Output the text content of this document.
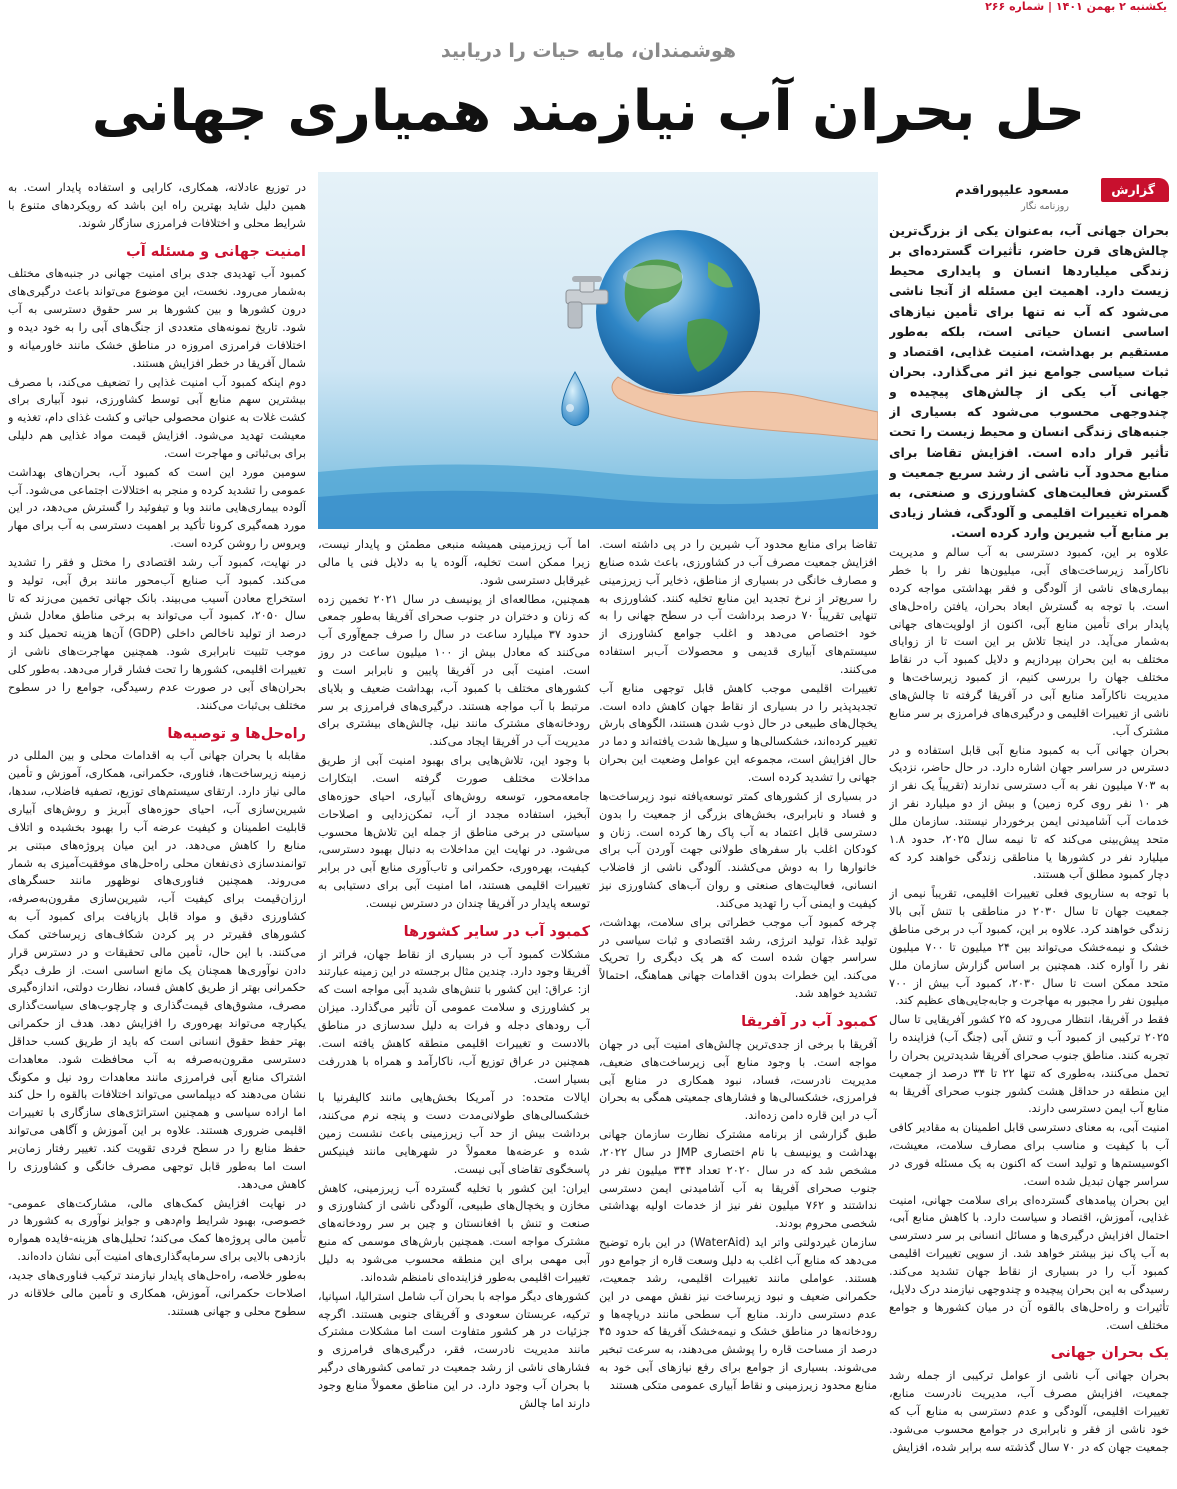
یکشنبه ۲ بهمن ۱۴۰۱ | شماره ۲۶۶
هوشمندان، مایه حیات را دریابید
حل بحران آب نیازمند همیاری جهانی
گزارش
مسعود علیپوراقدم
روزنامه نگار

بحران جهانی آب، به‌عنوان یکی از بزرگ‌ترین چالش‌های قرن حاضر، تأثیرات گسترده‌ای بر زندگی میلیاردها انسان و پایداری محیط زیست دارد. اهمیت این مسئله از آنجا ناشی می‌شود که آب نه تنها برای تأمین نیازهای اساسی انسان حیاتی است، بلکه به‌طور مستقیم بر بهداشت، امنیت غذایی، اقتصاد و ثبات سیاسی جوامع نیز اثر می‌گذارد. بحران جهانی آب یکی از چالش‌های پیچیده و چندوجهی محسوب می‌شود که بسیاری از جنبه‌های زندگی انسان و محیط زیست را تحت تأثیر قرار داده است. افزایش تقاضا برای منابع محدود آب ناشی از رشد سریع جمعیت و گسترش فعالیت‌های کشاورزی و صنعتی، به همراه تغییرات اقلیمی و آلودگی، فشار زیادی بر منابع آب شیرین وارد کرده است.

علاوه بر این، کمبود دسترسی به آب سالم و مدیریت ناکارآمد زیرساخت‌های آبی، میلیون‌ها نفر را با خطر بیماری‌های ناشی از آلودگی و فقر بهداشتی مواجه کرده است. با توجه به گسترش ابعاد بحران، یافتن راه‌حل‌های پایدار برای تأمین منابع آبی، اکنون از اولویت‌های جهانی به‌شمار می‌آید. در اینجا تلاش بر این است تا از زوایای مختلف به این بحران بپردازیم و دلایل کمبود آب در نقاط مختلف جهان را بررسی کنیم، از کمبود زیرساخت‌ها و مدیریت ناکارآمد منابع آبی در آفریقا گرفته تا چالش‌های ناشی از تغییرات اقلیمی و درگیری‌های فرامرزی بر سر منابع مشترک آب.

بحران جهانی آب به کمبود منابع آبی قابل استفاده و در دسترس در سراسر جهان اشاره دارد. در حال حاضر، نزدیک به ۷۰۳ میلیون نفر به آب دسترسی ندارند (تقریباً یک نفر از هر ۱۰ نفر روی کره زمین) و بیش از دو میلیارد نفر از خدمات آب آشامیدنی ایمن برخوردار نیستند. سازمان ملل متحد پیش‌بینی می‌کند که تا نیمه سال ۲۰۲۵، حدود ۱.۸ میلیارد نفر در کشورها یا مناطقی زندگی خواهند کرد که دچار کمبود مطلق آب هستند.

با توجه به سناریوی فعلی تغییرات اقلیمی، تقریباً نیمی از جمعیت جهان تا سال ۲۰۳۰ در مناطقی با تنش آبی بالا زندگی خواهند کرد. علاوه بر این، کمبود آب در برخی مناطق خشک و نیمه‌خشک می‌تواند بین ۲۴ میلیون تا ۷۰۰ میلیون نفر را آواره کند. همچنین بر اساس گزارش سازمان ملل متحد ممکن است تا سال ۲۰۳۰، کمبود آب بیش از ۷۰۰ میلیون نفر را مجبور به مهاجرت و جابه‌جایی‌های عظیم کند.

فقط در آفریقا، انتظار می‌رود که ۲۵ کشور آفریقایی تا سال ۲۰۲۵ ترکیبی از کمبود آب و تنش آبی (جنگ آب) فزاینده را تجربه کنند. مناطق جنوب صحرای آفریقا شدیدترین بحران را تحمل می‌کنند، به‌طوری که تنها ۲۲ تا ۳۴ درصد از جمعیت این منطقه در حداقل هشت کشور جنوب صحرای آفریقا به منابع آب ایمن دسترسی دارند.

امنیت آبی، به معنای دسترسی قابل اطمینان به مقادیر کافی آب با کیفیت و مناسب برای مصارف سلامت، معیشت، اکوسیستم‌ها و تولید است که اکنون به یک مسئله فوری در سراسر جهان تبدیل شده است.

این بحران پیامدهای گسترده‌ای برای سلامت جهانی، امنیت غذایی، آموزش، اقتصاد و سیاست دارد. با کاهش منابع آبی، احتمال افزایش درگیری‌ها و مسائل انسانی بر سر دسترسی به آب پاک نیز بیشتر خواهد شد. از سویی تغییرات اقلیمی کمبود آب را در بسیاری از نقاط جهان تشدید می‌کند. رسیدگی به این بحران پیچیده و چندوجهی نیازمند درک دلایل، تأثیرات و راه‌حل‌های بالقوه آن در میان کشورها و جوامع مختلف است.

یک بحران جهانی

بحران جهانی آب ناشی از عوامل ترکیبی از جمله رشد جمعیت، افزایش مصرف آب، مدیریت نادرست منابع، تغییرات اقلیمی، آلودگی و عدم دسترسی به منابع آب که خود ناشی از فقر و نابرابری در جوامع محسوب می‌شود. جمعیت جهان که در ۷۰ سال گذشته سه برابر شده، افزایش

تقاضا برای منابع محدود آب شیرین را در پی داشته است. افزایش جمعیت مصرف آب در کشاورزی، باعث شده صنایع و مصارف خانگی در بسیاری از مناطق، ذخایر آب زیرزمینی را سریع‌تر از نرخ تجدید این منابع تخلیه کنند. کشاورزی به تنهایی تقریباً ۷۰ درصد برداشت آب در سطح جهانی را به خود اختصاص می‌دهد و اغلب جوامع کشاورزی از سیستم‌های آبیاری قدیمی و محصولات آب‌بر استفاده می‌کنند.

تغییرات اقلیمی موجب کاهش قابل توجهی منابع آب تجدیدپذیر را در بسیاری از نقاط جهان کاهش داده است. یخچال‌های طبیعی در حال ذوب شدن هستند، الگوهای بارش تغییر کرده‌اند، خشکسالی‌ها و سیل‌ها شدت یافته‌اند و دما در حال افزایش است، مجموعه این عوامل وضعیت این بحران جهانی را تشدید کرده است.

در بسیاری از کشورهای کمتر توسعه‌یافته نبود زیرساخت‌ها و فساد و نابرابری، بخش‌های بزرگی از جمعیت را بدون دسترسی قابل اعتماد به آب پاک رها کرده است. زنان و کودکان اغلب بار سفرهای طولانی جهت آوردن آب برای خانوارها را به دوش می‌کشند. آلودگی ناشی از فاضلاب انسانی، فعالیت‌های صنعتی و روان آب‌های کشاورزی نیز کیفیت و ایمنی آب را تهدید می‌کند.

چرخه کمبود آب موجب خطراتی برای سلامت، بهداشت، تولید غذا، تولید انرژی، رشد اقتصادی و ثبات سیاسی در سراسر جهان شده است که هر یک دیگری را تحریک می‌کند. این خطرات بدون اقدامات جهانی هماهنگ، احتمالاً تشدید خواهد شد.

کمبود آب در آفریقا

آفریقا با برخی از جدی‌ترین چالش‌های امنیت آبی در جهان مواجه است. با وجود منابع آبی زیرساخت‌های ضعیف، مدیریت نادرست، فساد، نبود همکاری در منابع آبی فرامرزی، خشکسالی‌ها و فشارهای جمعیتی همگی به بحران آب در این قاره دامن زده‌اند.

طبق گزارشی از برنامه مشترک نظارت سازمان جهانی بهداشت و یونیسف با نام اختصاری JMP در سال ۲۰۲۲، مشخص شد که در سال ۲۰۲۰ تعداد ۳۴۴ میلیون نفر در جنوب صحرای آفریقا به آب آشامیدنی ایمن دسترسی نداشتند و ۷۶۲ میلیون نفر نیز از خدمات اولیه بهداشتی شخصی محروم بودند.

سازمان غیردولتی واتر اید (WaterAid) در این باره توضیح می‌دهد که منابع آب اغلب به دلیل وسعت قاره از جوامع دور هستند. عواملی مانند تغییرات اقلیمی، رشد جمعیت، حکمرانی ضعیف و نبود زیرساخت نیز نقش مهمی در این عدم دسترسی دارند. منابع آب سطحی مانند دریاچه‌ها و رودخانه‌ها در مناطق خشک و نیمه‌خشک آفریقا که حدود ۴۵ درصد از مساحت قاره را پوشش می‌دهند، به سرعت تبخیر می‌شوند. بسیاری از جوامع برای رفع نیازهای آبی خود به منابع محدود زیرزمینی و نقاط آبیاری عمومی متکی هستند

اما آب زیرزمینی همیشه منبعی مطمئن و پایدار نیست، زیرا ممکن است تخلیه، آلوده یا به دلایل فنی یا مالی غیرقابل دسترسی شود.

همچنین، مطالعه‌ای از یونیسف در سال ۲۰۲۱ تخمین زده که زنان و دختران در جنوب صحرای آفریقا به‌طور جمعی حدود ۳۷ میلیارد ساعت در سال را صرف جمع‌آوری آب می‌کنند که معادل بیش از ۱۰۰ میلیون ساعت در روز است. امنیت آبی در آفریقا پایین و نابرابر است و کشورهای مختلف با کمبود آب، بهداشت ضعیف و بلایای مرتبط با آب مواجه هستند. درگیری‌های فرامرزی بر سر رودخانه‌های مشترک مانند نیل، چالش‌های بیشتری برای مدیریت آب در آفریقا ایجاد می‌کند.

با وجود این، تلاش‌هایی برای بهبود امنیت آبی از طریق مداخلات مختلف صورت گرفته است. ابتکارات جامعه‌محور، توسعه روش‌های آبیاری، احیای حوزه‌های آبخیز، استفاده مجدد از آب، تمکن‌زدایی و اصلاحات سیاستی در برخی مناطق از جمله این تلاش‌ها محسوب می‌شود. در نهایت این مداخلات به دنبال بهبود دسترسی، کیفیت، بهره‌وری، حکمرانی و تاب‌آوری منابع آبی در برابر تغییرات اقلیمی هستند، اما امنیت آبی برای دستیابی به توسعه پایدار در آفریقا چندان در دسترس نیست.

کمبود آب در سایر کشورها

مشکلات کمبود آب در بسیاری از نقاط جهان، فراتر از آفریقا وجود دارد. چندین مثال برجسته در این زمینه عبارتند از: عراق: این کشور با تنش‌های شدید آبی مواجه است که بر کشاورزی و سلامت عمومی آن تأثیر می‌گذارد. میزان آب رودهای دجله و فرات به دلیل سدسازی در مناطق بالادست و تغییرات اقلیمی منطقه کاهش یافته است. همچنین در عراق توزیع آب، ناکارآمد و همراه با هدررفت بسیار است.

ایالات متحده: در آمریکا بخش‌هایی مانند کالیفرنیا با خشکسالی‌های طولانی‌مدت دست و پنجه نرم می‌کنند، برداشت بیش از حد آب زیرزمینی باعث نشست زمین شده و عرضه‌ها معمولاً در شهرهایی مانند فینیکس پاسخگوی تقاضای آبی نیست.

ایران: این کشور با تخلیه گسترده آب زیرزمینی، کاهش مخازن و یخچال‌های طبیعی، آلودگی ناشی از کشاورزی و صنعت و تنش با افغانستان و چین بر سر رودخانه‌های مشترک مواجه است. همچنین بارش‌های موسمی که منبع آبی مهمی برای این منطقه محسوب می‌شود به دلیل تغییرات اقلیمی به‌طور فزاینده‌ای نامنظم شده‌اند.

کشورهای دیگر مواجه با بحران آب شامل استرالیا، اسپانیا، ترکیه، عربستان سعودی و آفریقای جنوبی هستند. اگرچه جزئیات در هر کشور متفاوت است اما مشکلات مشترک مانند مدیریت نادرست، فقر، درگیری‌های فرامرزی و فشارهای ناشی از رشد جمعیت در تمامی کشورهای درگیر با بحران آب وجود دارد. در این مناطق معمولاً منابع وجود دارند اما چالش

در توزیع عادلانه، همکاری، کارایی و استفاده پایدار است. به همین دلیل شاید بهترین راه این باشد که رویکردهای متنوع با شرایط محلی و اختلافات فرامرزی سازگار شوند.

امنیت جهانی و مسئله آب

کمبود آب تهدیدی جدی برای امنیت جهانی در جنبه‌های مختلف به‌شمار می‌رود. نخست، این موضوع می‌تواند باعث درگیری‌های درون کشورها و بین کشورها بر سر حقوق دسترسی به آب شود. تاریخ نمونه‌های متعددی از جنگ‌های آبی را به خود دیده و اختلافات فرامرزی امروزه در مناطق خشک مانند خاورمیانه و شمال آفریقا در خطر افزایش هستند.

دوم اینکه کمبود آب امنیت غذایی را تضعیف می‌کند، با مصرف بیشترین سهم منابع آبی توسط کشاورزی، نبود آبیاری برای کشت غلات به عنوان محصولی حیاتی و کشت غذای دام، تغذیه و معیشت تهدید می‌شود. افزایش قیمت مواد غذایی هم دلیلی برای بی‌ثباتی و مهاجرت است.

سومین مورد این است که کمبود آب، بحران‌های بهداشت عمومی را تشدید کرده و منجر به اختلالات اجتماعی می‌شود. آب آلوده بیماری‌هایی مانند وبا و تیفوئید را گسترش می‌دهد، در این مورد همه‌گیری کرونا تأکید بر اهمیت دسترسی به آب برای مهار ویروس را روشن کرده است.

در نهایت، کمبود آب رشد اقتصادی را مختل و فقر را تشدید می‌کند. کمبود آب صنایع آب‌محور مانند برق آبی، تولید و استخراج معادن آسیب می‌بیند. بانک جهانی تخمین می‌زند که تا سال ۲۰۵۰، کمبود آب می‌تواند به برخی مناطق معادل شش درصد از تولید ناخالص داخلی (GDP) آن‌ها هزینه تحمیل کند و موجب تثبیت نابرابری شود. همچنین مهاجرت‌های ناشی از تغییرات اقلیمی، کشورها را تحت فشار قرار می‌دهد. به‌طور کلی بحران‌های آبی در صورت عدم رسیدگی، جوامع را در سطوح مختلف بی‌ثبات می‌کنند.

راه‌حل‌ها و توصیه‌ها

مقابله با بحران جهانی آب به اقدامات محلی و بین المللی در زمینه زیرساخت‌ها، فناوری، حکمرانی، همکاری، آموزش و تأمین مالی نیاز دارد. ارتقای سیستم‌های توزیع، تصفیه فاضلاب، سدها، شیرین‌سازی آب، احیای حوزه‌های آبریز و روش‌های آبیاری قابلیت اطمینان و کیفیت عرضه آب را بهبود بخشیده و اتلاف منابع را کاهش می‌دهد. در این میان پروژه‌های مبتنی بر توانمندسازی ذی‌نفعان محلی راه‌حل‌های موفقیت‌آمیزی به شمار می‌روند. همچنین فناوری‌های نوظهور مانند حسگرهای ارزان‌قیمت برای کیفیت آب، شیرین‌سازی مقرون‌به‌صرفه، کشاورزی دقیق و مواد قابل بازیافت برای کمبود آب به کشورهای فقیرتر در پر کردن شکاف‌های زیرساختی کمک می‌کنند. با این حال، تأمین مالی تحقیقات و در دسترس قرار دادن نوآوری‌ها همچنان یک مانع اساسی است. از طرف دیگر حکمرانی بهتر از طریق کاهش فساد، نظارت دولتی، اندازه‌گیری مصرف، مشوق‌های قیمت‌گذاری و چارچوب‌های سیاست‌گذاری یکپارچه می‌تواند بهره‌وری را افزایش دهد. هدف از حکمرانی بهتر حفظ حقوق انسانی است که باید از طریق کسب حداقل دسترسی مقرون‌به‌صرفه به آب محافظت شود. معاهدات اشتراک منابع آبی فرامرزی مانند معاهدات رود نیل و مکونگ نشان می‌دهند که دیپلماسی می‌تواند اختلافات بالقوه را حل کند اما اراده سیاسی و همچنین استراتژی‌های سازگاری با تغییرات اقلیمی ضروری هستند. علاوه بر این آموزش و آگاهی می‌تواند حفظ منابع را در سطح فردی تقویت کند. تغییر رفتار زمان‌بر است اما به‌طور قابل توجهی مصرف خانگی و کشاورزی را کاهش می‌دهد.

در نهایت افزایش کمک‌های مالی، مشارکت‌های عمومی-خصوصی، بهبود شرایط وام‌دهی و جوایز نوآوری به کشورها در تأمین مالی پروژه‌ها کمک می‌کند؛ تحلیل‌های هزینه-فایده همواره بازدهی بالایی برای سرمایه‌گذاری‌های امنیت آبی نشان داده‌اند.

به‌طور خلاصه، راه‌حل‌های پایدار نیازمند ترکیب فناوری‌های جدید، اصلاحات حکمرانی، آموزش، همکاری و تأمین مالی خلاقانه در سطوح محلی و جهانی هستند.
